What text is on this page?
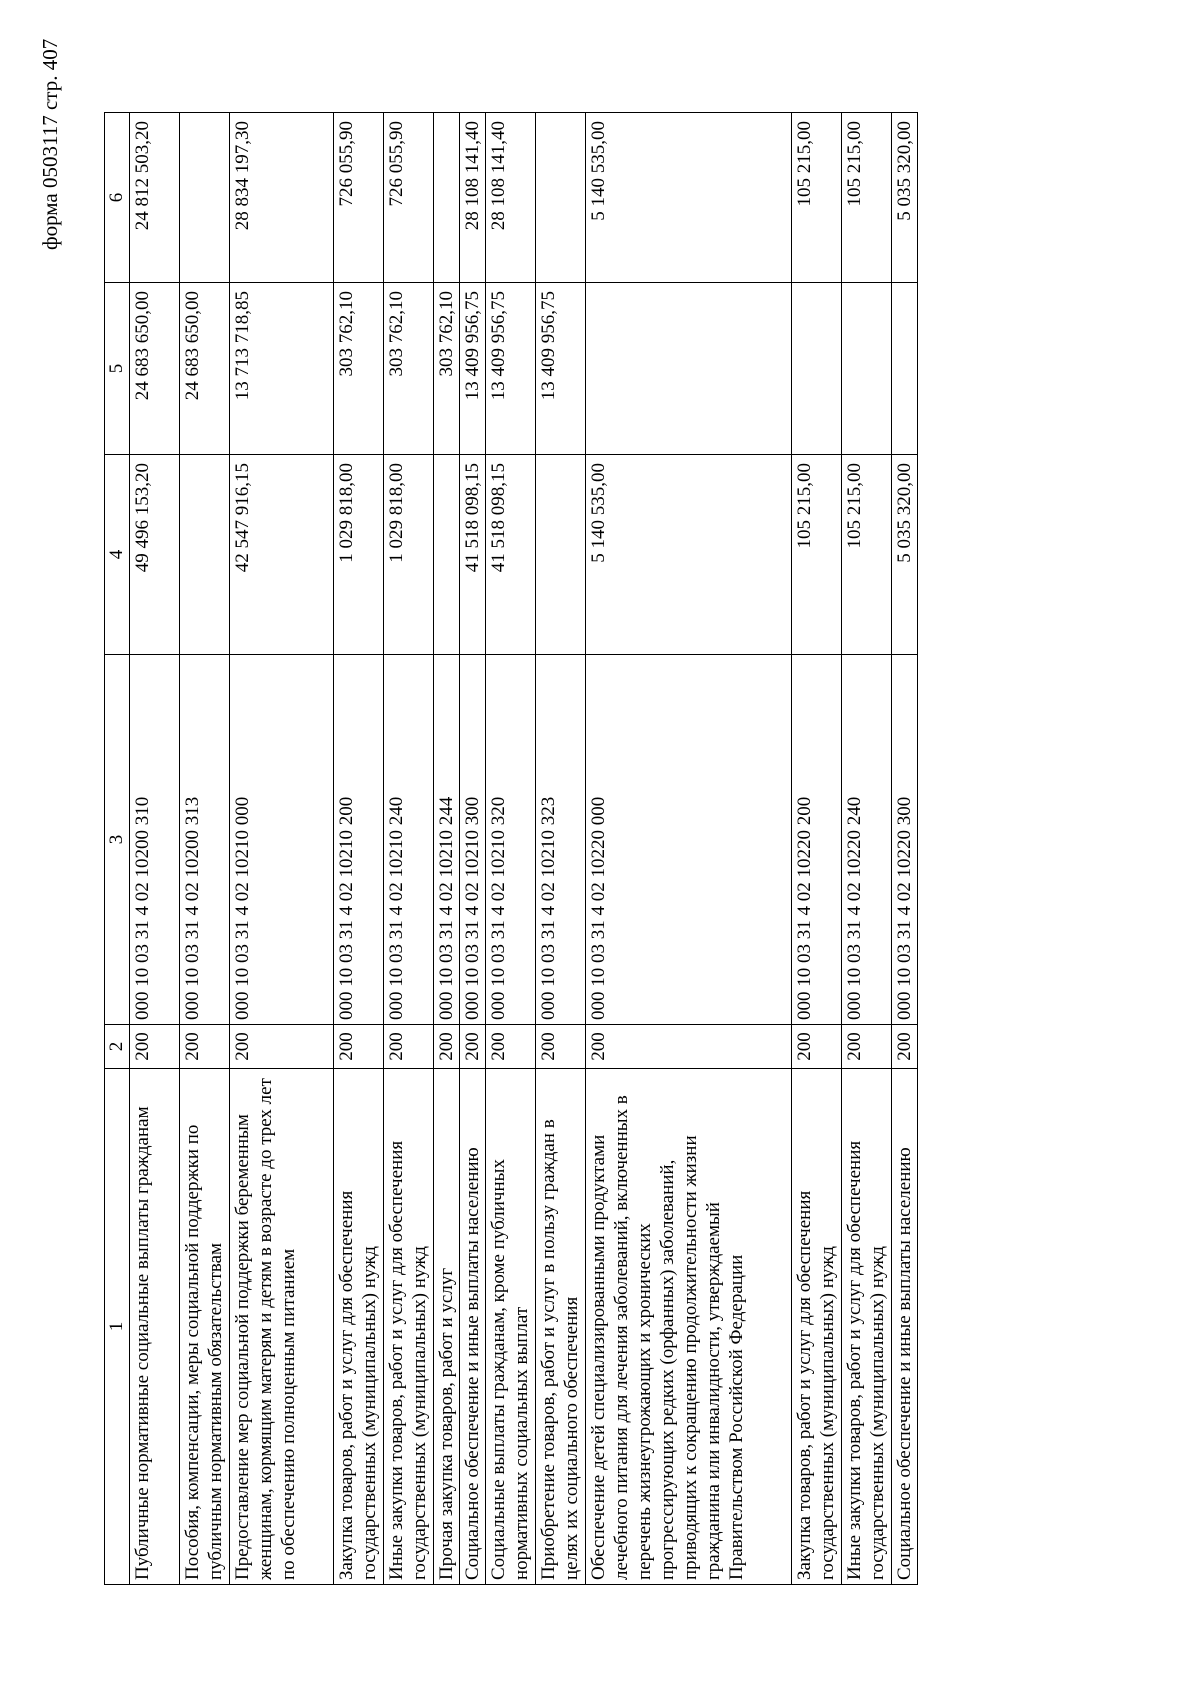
форма 0503117 стр. 407
1	2	3	4	5	6
Публичные нормативные социальные выплаты гражданам	200	000 10 03 31 4 02 10200 310	49 496 153,20	24 683 650,00	24 812 503,20
Пособия, компенсации, меры социальной поддержки по публичным нормативным обязательствам	200	000 10 03 31 4 02 10200 313		24 683 650,00	
Предоставление мер социальной поддержки беременным женщинам, кормящим матерям и детям в возрасте до трех лет по обеспечению полноценным питанием	200	000 10 03 31 4 02 10210 000	42 547 916,15	13 713 718,85	28 834 197,30
Закупка товаров, работ и услуг для обеспечения государственных (муниципальных) нужд	200	000 10 03 31 4 02 10210 200	1 029 818,00	303 762,10	726 055,90
Иные закупки товаров, работ и услуг для обеспечения государственных (муниципальных) нужд	200	000 10 03 31 4 02 10210 240	1 029 818,00	303 762,10	726 055,90
Прочая закупка товаров, работ и услуг	200	000 10 03 31 4 02 10210 244		303 762,10	
Социальное обеспечение и иные выплаты населению	200	000 10 03 31 4 02 10210 300	41 518 098,15	13 409 956,75	28 108 141,40
Социальные выплаты гражданам, кроме публичных нормативных социальных выплат	200	000 10 03 31 4 02 10210 320	41 518 098,15	13 409 956,75	28 108 141,40
Приобретение товаров, работ и услуг в пользу граждан в целях их социального обеспечения	200	000 10 03 31 4 02 10210 323		13 409 956,75	
Обеспечение детей специализированными продуктами лечебного питания для лечения заболеваний, включенных в перечень жизнеугрожающих и хронических прогрессирующих редких (орфанных) заболеваний, приводящих к сокращению продолжительности жизни гражданина или инвалидности, утверждаемый Правительством Российской Федерации	200	000 10 03 31 4 02 10220 000	5 140 535,00		5 140 535,00
Закупка товаров, работ и услуг для обеспечения государственных (муниципальных) нужд	200	000 10 03 31 4 02 10220 200	105 215,00		105 215,00
Иные закупки товаров, работ и услуг для обеспечения государственных (муниципальных) нужд	200	000 10 03 31 4 02 10220 240	105 215,00		105 215,00
Социальное обеспечение и иные выплаты населению	200	000 10 03 31 4 02 10220 300	5 035 320,00		5 035 320,00
